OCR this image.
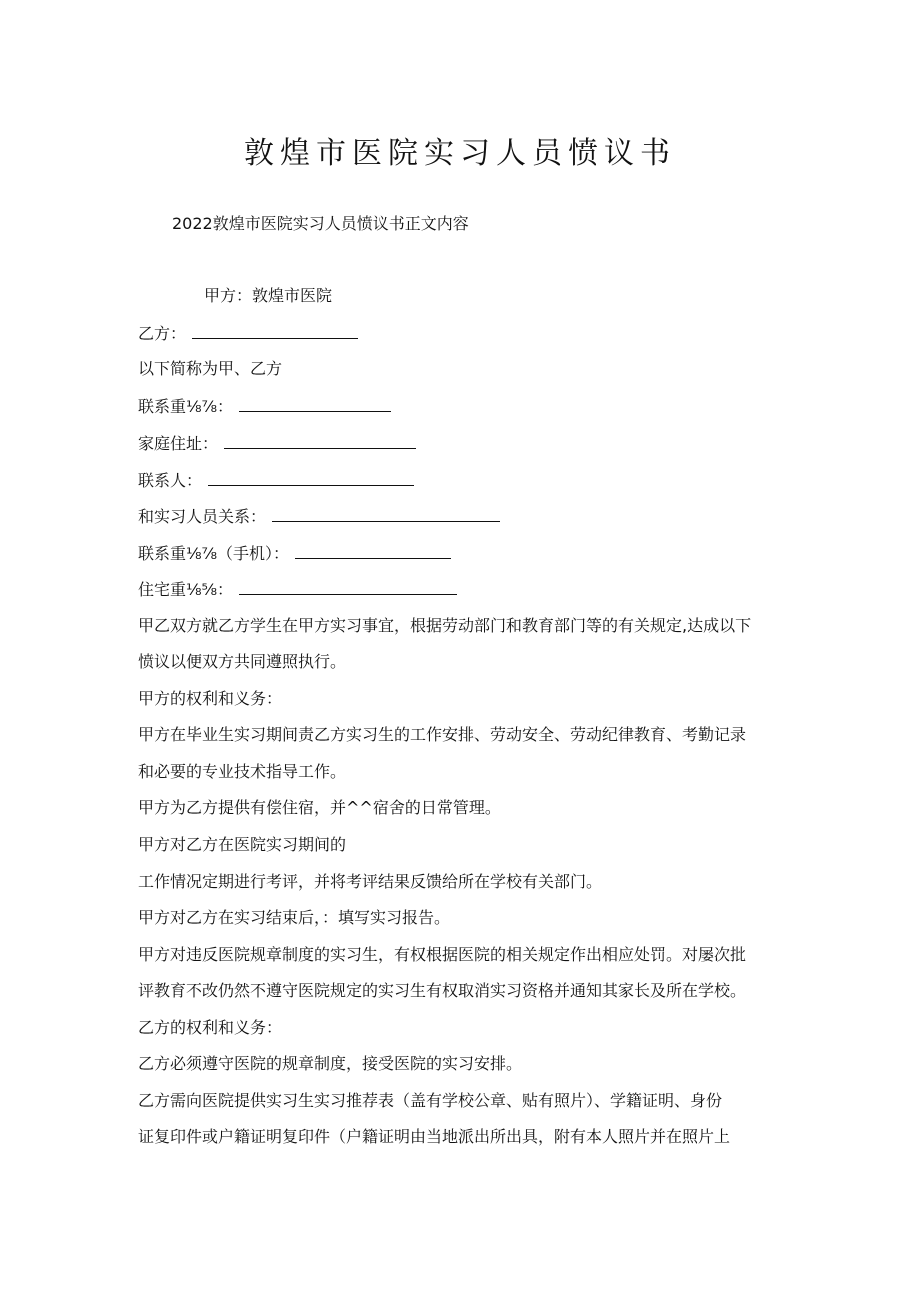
敦煌市医院实习人员愤议书
2022敦煌市医院实习人员愤议书正文内容
甲方：敦煌市医院
乙方：
以下简称为甲、乙方
联系重⅛⅞：
家庭住址：
联系人：
和实习人员关系：
联系重⅛⅞（手机）：
住宅重⅛⅝：
甲乙双方就乙方学生在甲方实习事宜，根据劳动部门和教育部门等的有关规定,达成以下
愤议以便双方共同遵照执行。
甲方的权利和义务：
甲方在毕业生实习期间责乙方实习生的工作安排、劳动安全、劳动纪律教育、考勤记录
和必要的专业技术指导工作。
甲方为乙方提供有偿住宿，并^^宿舍的日常管理。
甲方对乙方在医院实习期间的
工作情况定期进行考评，并将考评结果反馈给所在学校有关部门。
甲方对乙方在实习结束后，：填写实习报告。
甲方对违反医院规章制度的实习生，有权根据医院的相关规定作出相应处罚。对屡次批
评教育不改仍然不遵守医院规定的实习生有权取消实习资格并通知其家长及所在学校。
乙方的权利和义务：
乙方必须遵守医院的规章制度，接受医院的实习安排。
乙方需向医院提供实习生实习推荐表（盖有学校公章、贴有照片）、学籍证明、身份
证复印件或户籍证明复印件（户籍证明由当地派出所出具，附有本人照片并在照片上
